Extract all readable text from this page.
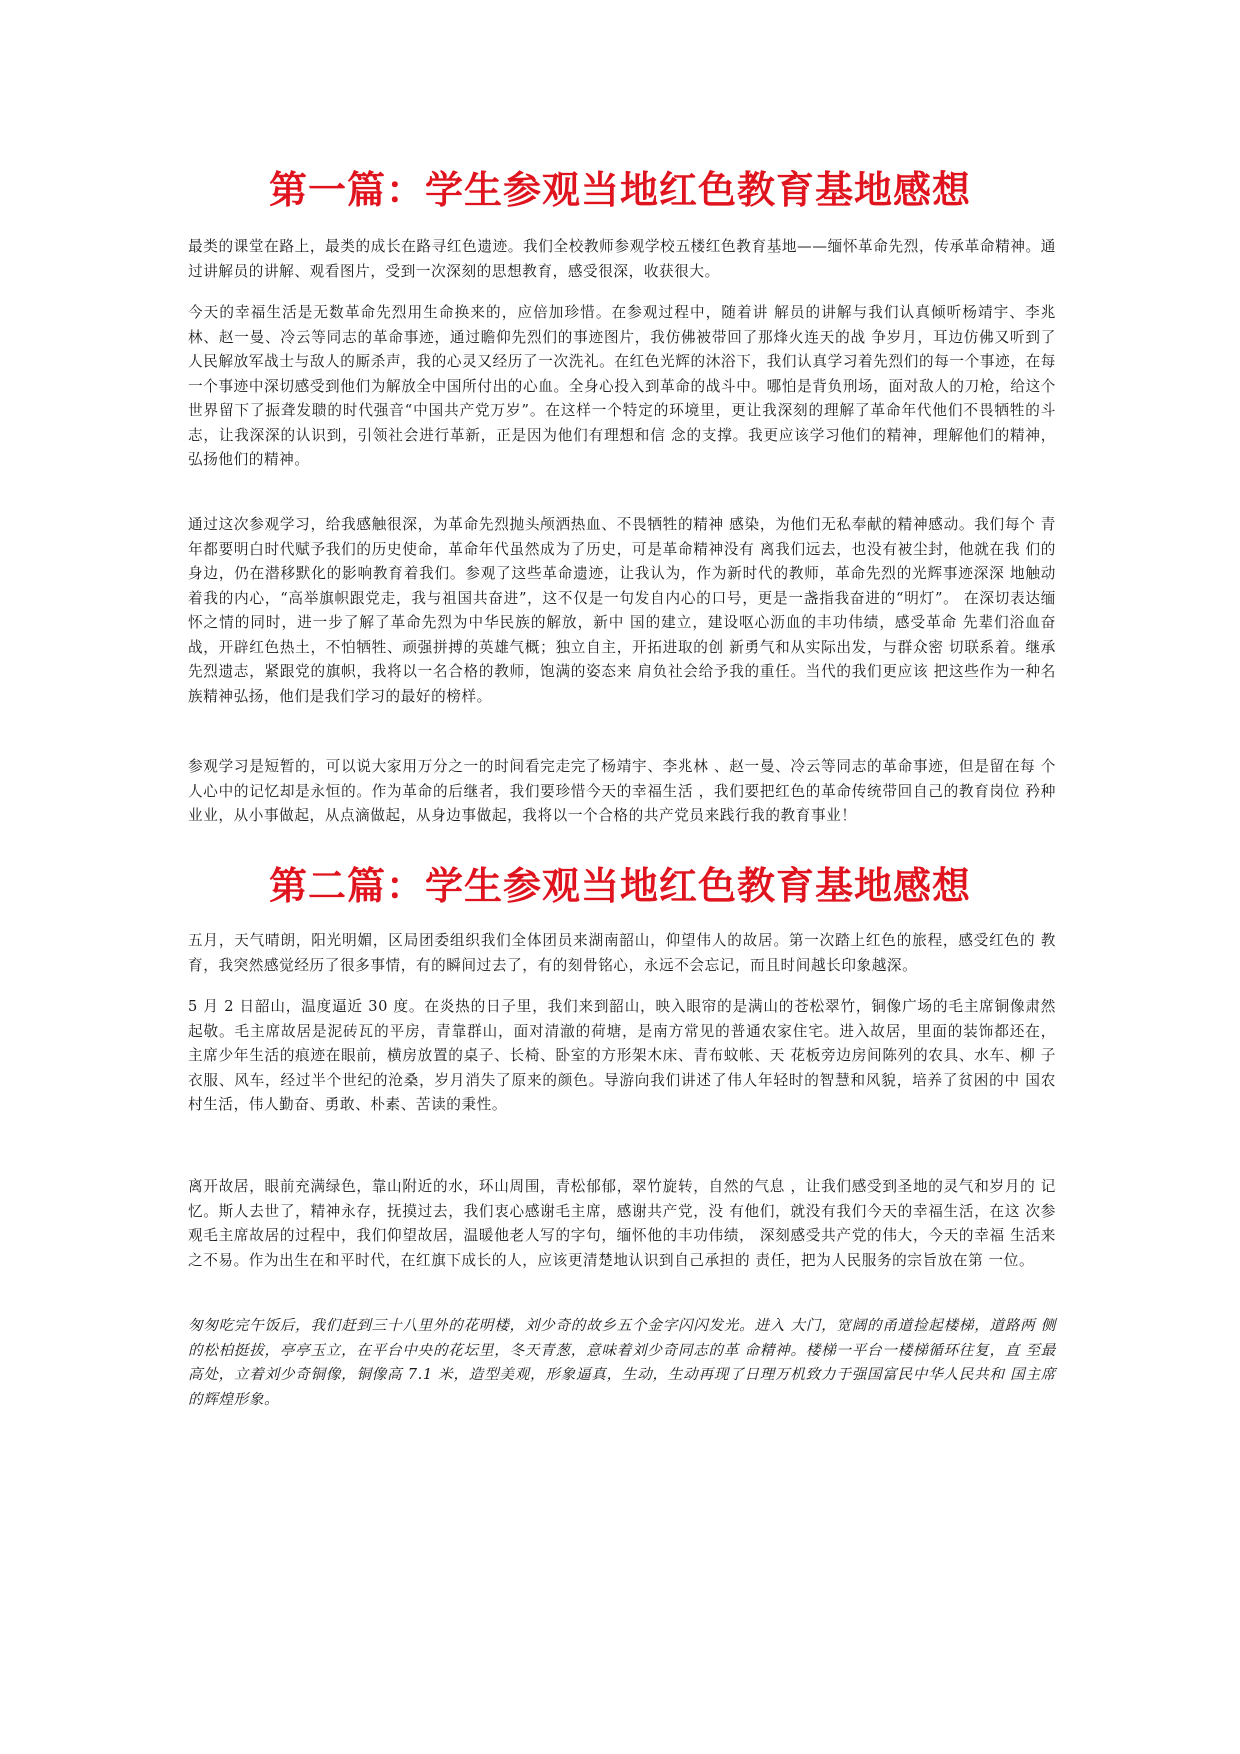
第一篇：学生参观当地红色教育基地感想

最类的课堂在路上，最类的成长在路寻红色遗迹。我们全校教师参观学校五楼红色教育基地——缅怀革命先烈，传承革命精神。通过讲解员的讲解、观看图片，受到一次深刻的思想教育，感受很深，收获很大。

今天的幸福生活是无数革命先烈用生命换来的，应倍加珍惜。在参观过程中，随着讲 解员的讲解与我们认真倾听杨靖宇、李兆林、赵一曼、冷云等同志的革命事迹，通过瞻仰先烈们的事迹图片，我仿佛被带回了那烽火连天的战 争岁月，耳边仿佛又听到了人民解放军战士与敌人的厮杀声，我的心灵又经历了一次洗礼。在红色光辉的沐浴下，我们认真学习着先烈们的每一个事迹，在每一个事迹中深切感受到他们为解放全中国所付出的心血。全身心投入到革命的战斗中。哪怕是背负刑场，面对敌人的刀枪，给这个世界留下了振聋发聩的时代强音“中国共产党万岁”。在这样一个特定的环境里，更让我深刻的理解了革命年代他们不畏牺牲的斗志，让我深深的认识到，引领社会进行革新，正是因为他们有理想和信 念的支撑。我更应该学习他们的精神，理解他们的精神，弘扬他们的精神。

通过这次参观学习，给我感触很深，为革命先烈抛头颅洒热血、不畏牺牲的精神 感染，为他们无私奉献的精神感动。我们每个 青年都要明白时代赋予我们的历史使命，革命年代虽然成为了历史，可是革命精神没有 离我们远去，也没有被尘封，他就在我 们的身边，仍在潜移默化的影响教育着我们。参观了这些革命遗迹，让我认为，作为新时代的教师，革命先烈的光辉事迹深深 地触动着我的内心，“高举旗帜跟党走，我与祖国共奋进”，这不仅是一句发自内心的口号，更是一盏指我奋进的“明灯”。 在深切表达缅怀之情的同时，进一步了解了革命先烈为中华民族的解放，新中 国的建立，建设呕心沥血的丰功伟绩，感受革命 先辈们浴血奋战，开辟红色热土，不怕牺牲、顽强拼搏的英雄气概；独立自主，开拓进取的创 新勇气和从实际出发，与群众密 切联系着。继承先烈遗志，紧跟党的旗帜，我将以一名合格的教师，饱满的姿态来 肩负社会给予我的重任。当代的我们更应该 把这些作为一种名族精神弘扬，他们是我们学习的最好的榜样。

参观学习是短暂的，可以说大家用万分之一的时间看完走完了杨靖宇、李兆林 、赵一曼、冷云等同志的革命事迹，但是留在每 个人心中的记忆却是永恒的。作为革命的后继者，我们要珍惜今天的幸福生活 ，我们要把红色的革命传统带回自己的教育岗位 矜种业业，从小事做起，从点滴做起，从身边事做起，我将以一个合格的共产党员来践行我的教育事业！

第二篇：学生参观当地红色教育基地感想

五月，天气晴朗，阳光明媚，区局团委组织我们全体团员来湖南韶山，仰望伟人的故居。第一次踏上红色的旅程，感受红色的 教育，我突然感觉经历了很多事情，有的瞬间过去了，有的刻骨铭心，永远不会忘记，而且时间越长印象越深。

5 月 2 日韶山，温度逼近 30 度。在炎热的日子里，我们来到韶山，映入眼帘的是满山的苍松翠竹，铜像广场的毛主席铜像肃然 起敬。毛主席故居是泥砖瓦的平房，青靠群山，面对清澈的荷塘，是南方常见的普通农家住宅。进入故居，里面的装饰都还在， 主席少年生活的痕迹在眼前，横房放置的桌子、长椅、卧室的方形架木床、青布蚊帐、天 花板旁边房间陈列的农具、水车、柳 子衣服、风车，经过半个世纪的沧桑，岁月消失了原来的颜色。导游向我们讲述了伟人年轻时的智慧和风貌，培养了贫困的中 国农村生活，伟人勤奋、勇敢、朴素、苦读的秉性。

离开故居，眼前充满绿色，靠山附近的水，环山周围，青松郁郁，翠竹旋转，自然的气息 ，让我们感受到圣地的灵气和岁月的 记忆。斯人去世了，精神永存，抚摸过去，我们衷心感谢毛主席，感谢共产党，没 有他们，就没有我们今天的幸福生活，在这 次参观毛主席故居的过程中，我们仰望故居，温暖他老人写的字句，缅怀他的丰功伟绩， 深刻感受共产党的伟大，今天的幸福 生活来之不易。作为出生在和平时代，在红旗下成长的人，应该更清楚地认识到自己承担的 责任，把为人民服务的宗旨放在第 一位。

匆匆吃完午饭后，我们赶到三十八里外的花明楼，刘少奇的故乡五个金字闪闪发光。进入 大门，宽阔的甬道捡起楼梯，道路两 侧的松柏挺拔，亭亭玉立，在平台中央的花坛里，冬天青葱，意味着刘少奇同志的革 命精神。楼梯一平台一楼梯循环往复，直 至最高处，立着刘少奇铜像，铜像高 7.1 米，造型美观，形象逼真，生动，生动再现了日理万机致力于强国富民中华人民共和 国主席的辉煌形象。
